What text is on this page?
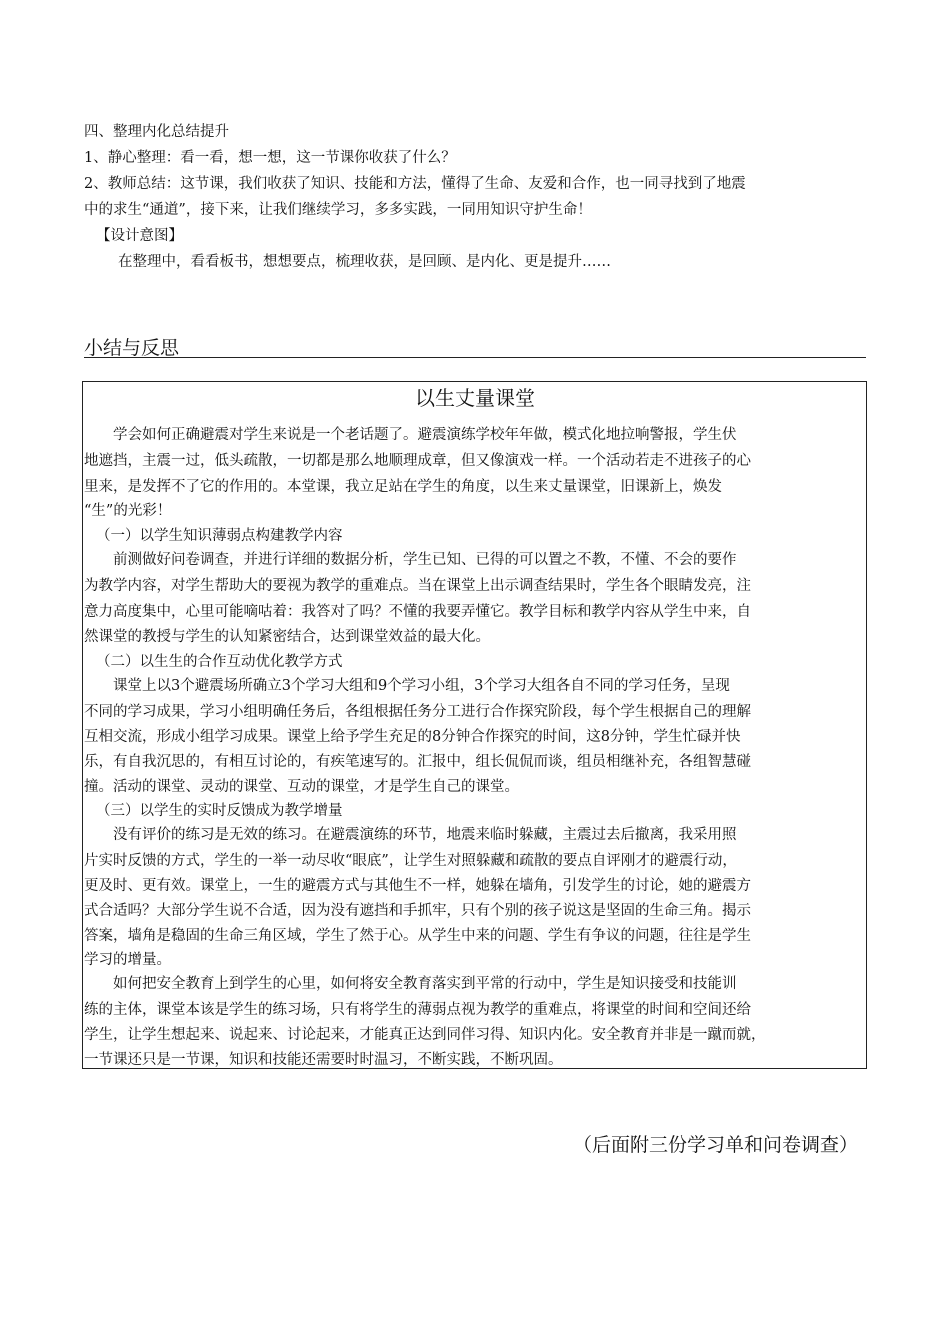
四、整理内化总结提升
1、静心整理：看一看，想一想，这一节课你收获了什么？
2、教师总结：这节课，我们收获了知识、技能和方法，懂得了生命、友爱和合作，也一同寻找到了地震
中的求生“通道”，接下来，让我们继续学习，多多实践，一同用知识守护生命！
【设计意图】
在整理中，看看板书，想想要点，梳理收获，是回顾、是内化、更是提升……
小结与反思
以生丈量课堂
　　学会如何正确避震对学生来说是一个老话题了。避震演练学校年年做，模式化地拉响警报，学生伏
地遮挡，主震一过，低头疏散，一切都是那么地顺理成章，但又像演戏一样。一个活动若走不进孩子的心
里来，是发挥不了它的作用的。本堂课，我立足站在学生的角度，以生来丈量课堂，旧课新上，焕发
“生”的光彩！
（一）以学生知识薄弱点构建教学内容
　　前测做好问卷调查，并进行详细的数据分析，学生已知、已得的可以置之不教，不懂、不会的要作
为教学内容，对学生帮助大的要视为教学的重难点。当在课堂上出示调查结果时，学生各个眼睛发亮，注
意力高度集中，心里可能嘀咕着：我答对了吗？不懂的我要弄懂它。教学目标和教学内容从学生中来，自
然课堂的教授与学生的认知紧密结合，达到课堂效益的最大化。
（二）以生生的合作互动优化教学方式
　　课堂上以3个避震场所确立3个学习大组和9个学习小组，3个学习大组各自不同的学习任务，呈现
不同的学习成果，学习小组明确任务后，各组根据任务分工进行合作探究阶段，每个学生根据自己的理解
互相交流，形成小组学习成果。课堂上给予学生充足的8分钟合作探究的时间，这8分钟，学生忙碌并快
乐，有自我沉思的，有相互讨论的，有疾笔速写的。汇报中，组长侃侃而谈，组员相继补充，各组智慧碰
撞。活动的课堂、灵动的课堂、互动的课堂，才是学生自己的课堂。
（三）以学生的实时反馈成为教学增量
　　没有评价的练习是无效的练习。在避震演练的环节，地震来临时躲藏，主震过去后撤离，我采用照
片实时反馈的方式，学生的一举一动尽收“眼底”，让学生对照躲藏和疏散的要点自评刚才的避震行动，
更及时、更有效。课堂上，一生的避震方式与其他生不一样，她躲在墙角，引发学生的讨论，她的避震方
式合适吗？大部分学生说不合适，因为没有遮挡和手抓牢，只有个别的孩子说这是坚固的生命三角。揭示
答案，墙角是稳固的生命三角区域，学生了然于心。从学生中来的问题、学生有争议的问题，往往是学生
学习的增量。
　　如何把安全教育上到学生的心里，如何将安全教育落实到平常的行动中，学生是知识接受和技能训
练的主体，课堂本该是学生的练习场，只有将学生的薄弱点视为教学的重难点，将课堂的时间和空间还给
学生，让学生想起来、说起来、讨论起来，才能真正达到同伴习得、知识内化。安全教育并非是一蹴而就，
一节课还只是一节课，知识和技能还需要时时温习，不断实践，不断巩固。
（后面附三份学习单和问卷调查）
